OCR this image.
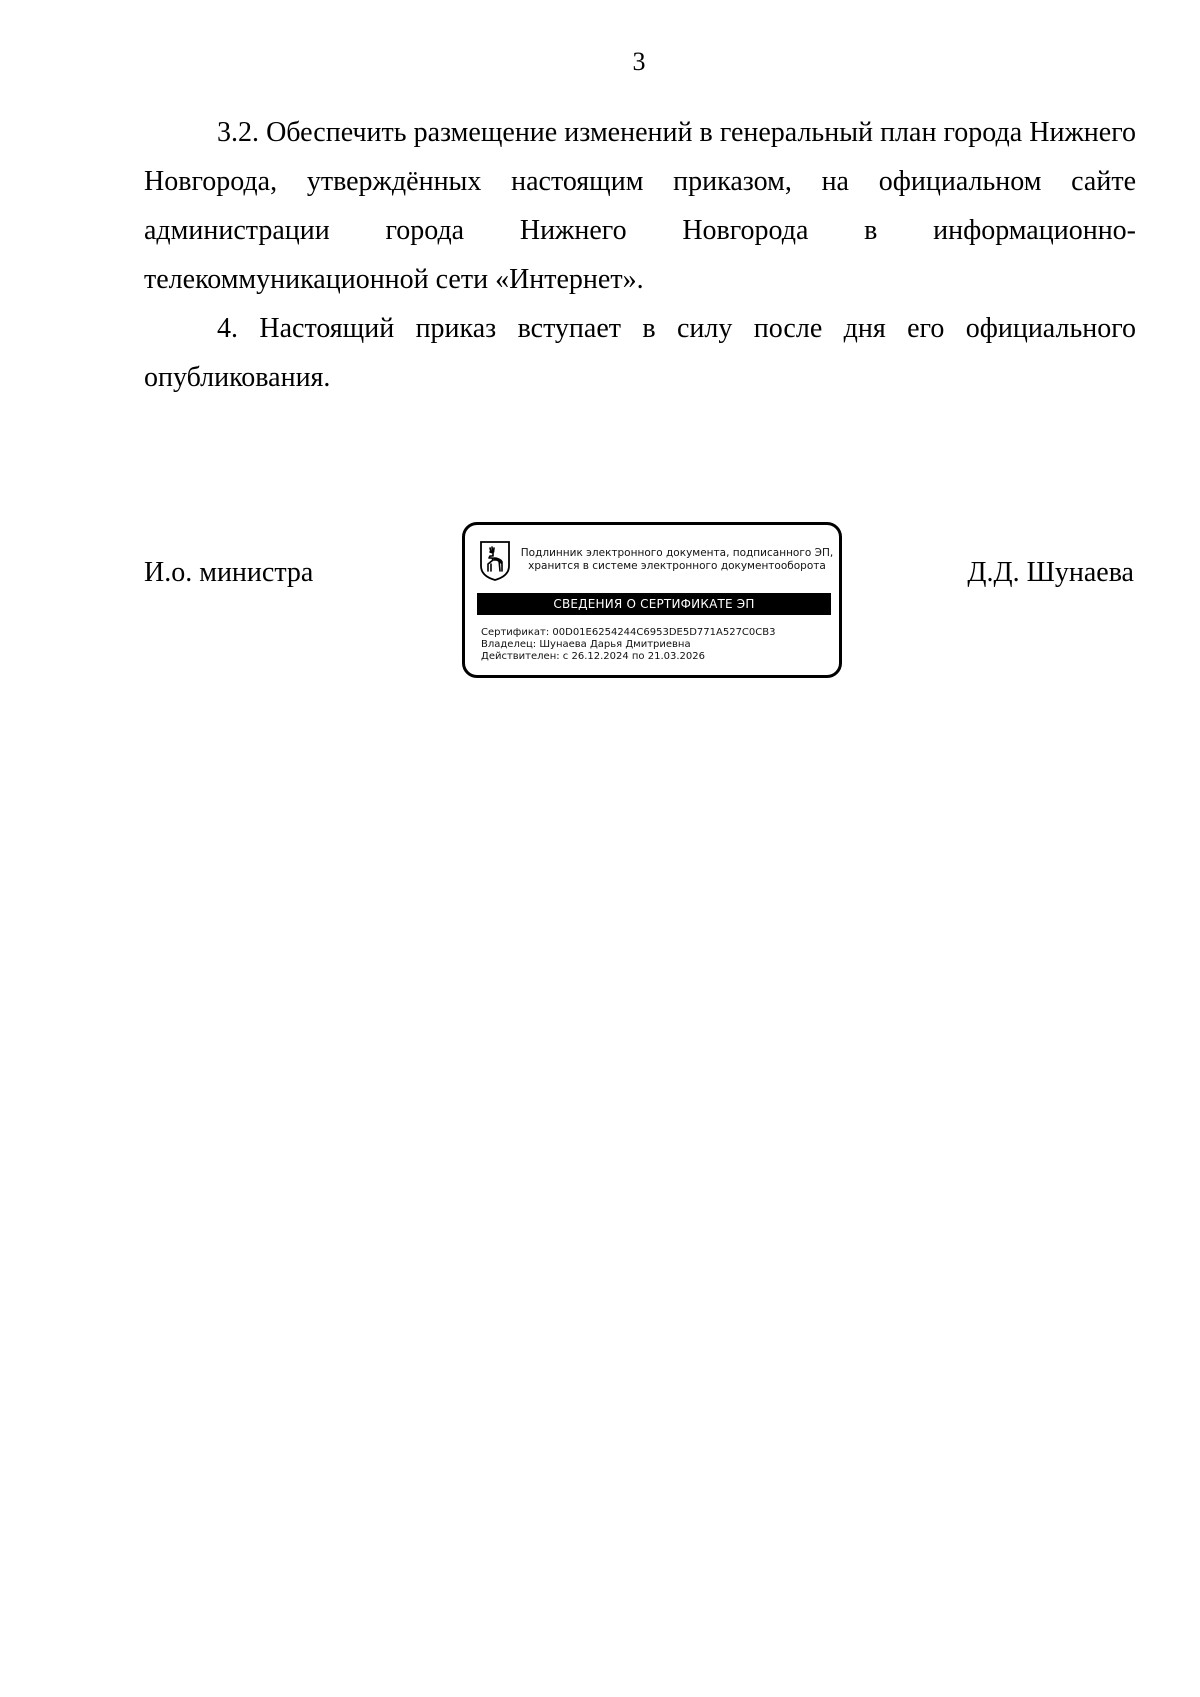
3

3.2. Обеспечить размещение изменений в генеральный план города Нижнего Новгорода, утверждённых настоящим приказом, на официальном сайте администрации города Нижнего Новгорода в информационно-телекоммуникационной сети «Интернет».

4. Настоящий приказ вступает в силу после дня его официального опубликования.

И.о. министра
Подлинник электронного документа, подписанного ЭП,
хранится в системе электронного документооборота
СВЕДЕНИЯ О СЕРТИФИКАТЕ ЭП
Сертификат: 00D01E6254244C6953DE5D771A527C0CB3
Владелец: Шунаева Дарья Дмитриевна
Действителен: с 26.12.2024 по 21.03.2026
Д.Д. Шунаева
